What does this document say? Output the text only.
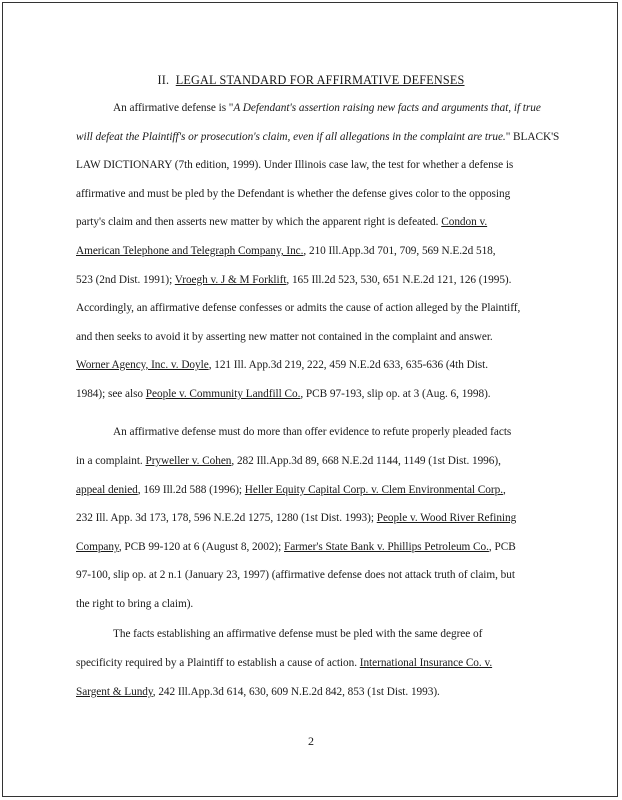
II. LEGAL STANDARD FOR AFFIRMATIVE DEFENSES
An affirmative defense is "A Defendant's assertion raising new facts and arguments that, if true
will defeat the Plaintiff's or prosecution's claim, even if all allegations in the complaint are true." BLACK'S
LAW DICTIONARY (7th edition, 1999). Under Illinois case law, the test for whether a defense is
affirmative and must be pled by the Defendant is whether the defense gives color to the opposing
party's claim and then asserts new matter by which the apparent right is defeated. Condon v.
American Telephone and Telegraph Company, Inc., 210 Ill.App.3d 701, 709, 569 N.E.2d 518,
523 (2nd Dist. 1991); Vroegh v. J & M Forklift, 165 Ill.2d 523, 530, 651 N.E.2d 121, 126 (1995).
Accordingly, an affirmative defense confesses or admits the cause of action alleged by the Plaintiff,
and then seeks to avoid it by asserting new matter not contained in the complaint and answer.
Worner Agency, Inc. v. Doyle, 121 Ill. App.3d 219, 222, 459 N.E.2d 633, 635-636 (4th Dist.
1984); see also People v. Community Landfill Co., PCB 97-193, slip op. at 3 (Aug. 6, 1998).
An affirmative defense must do more than offer evidence to refute properly pleaded facts
in a complaint. Pryweller v. Cohen, 282 Ill.App.3d 89, 668 N.E.2d 1144, 1149 (1st Dist. 1996),
appeal denied, 169 Ill.2d 588 (1996); Heller Equity Capital Corp. v. Clem Environmental Corp.,
232 Ill. App. 3d 173, 178, 596 N.E.2d 1275, 1280 (1st Dist. 1993); People v. Wood River Refining
Company, PCB 99-120 at 6 (August 8, 2002); Farmer's State Bank v. Phillips Petroleum Co., PCB
97-100, slip op. at 2 n.1 (January 23, 1997) (affirmative defense does not attack truth of claim, but
the right to bring a claim).
The facts establishing an affirmative defense must be pled with the same degree of
specificity required by a Plaintiff to establish a cause of action. International Insurance Co. v.
Sargent & Lundy, 242 Ill.App.3d 614, 630, 609 N.E.2d 842, 853 (1st Dist. 1993).
2
